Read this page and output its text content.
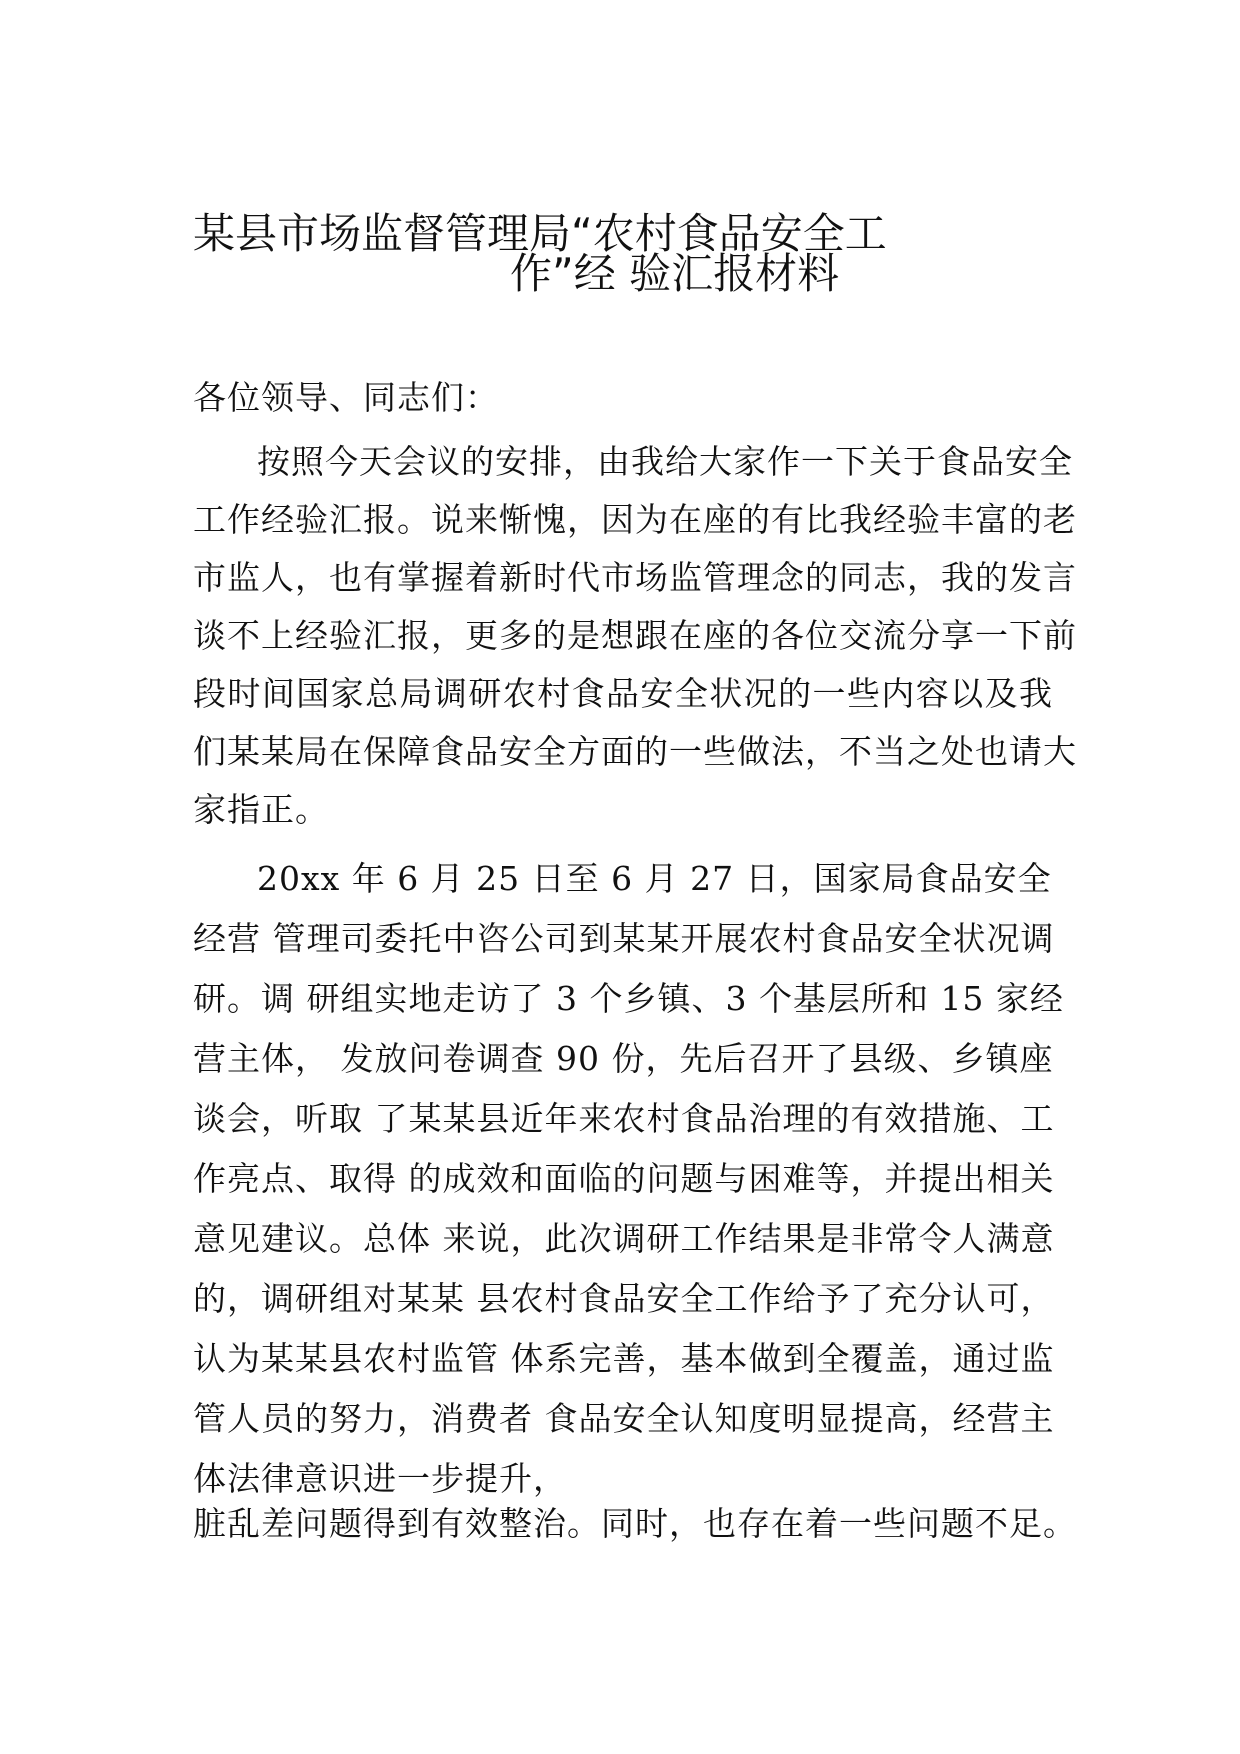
某县市场监督管理局“农村食品安全工
作”经 验汇报材料
各位领导、同志们：
按照今天会议的安排，由我给大家作一下关于食品安全
工作经验汇报。说来惭愧，因为在座的有比我经验丰富的老
市监人，也有掌握着新时代市场监管理念的同志，我的发言
谈不上经验汇报，更多的是想跟在座的各位交流分享一下前
段时间国家总局调研农村食品安全状况的一些内容以及我
们某某局在保障食品安全方面的一些做法，不当之处也请大
家指正。
20xx 年 6 月 25 日至 6 月 27 日，国家局食品安全
经营 管理司委托中咨公司到某某开展农村食品安全状况调
研。调 研组实地走访了 3 个乡镇、3 个基层所和 15 家经
营主体， 发放问卷调查 90 份，先后召开了县级、乡镇座
谈会，听取 了某某县近年来农村食品治理的有效措施、工
作亮点、取得 的成效和面临的问题与困难等，并提出相关
意见建议。总体 来说，此次调研工作结果是非常令人满意
的，调研组对某某 县农村食品安全工作给予了充分认可，
认为某某县农村监管 体系完善，基本做到全覆盖，通过监
管人员的努力，消费者 食品安全认知度明显提高，经营主
体法律意识进一步提升，
脏乱差问题得到有效整治。同时，也存在着一些问题不足。
